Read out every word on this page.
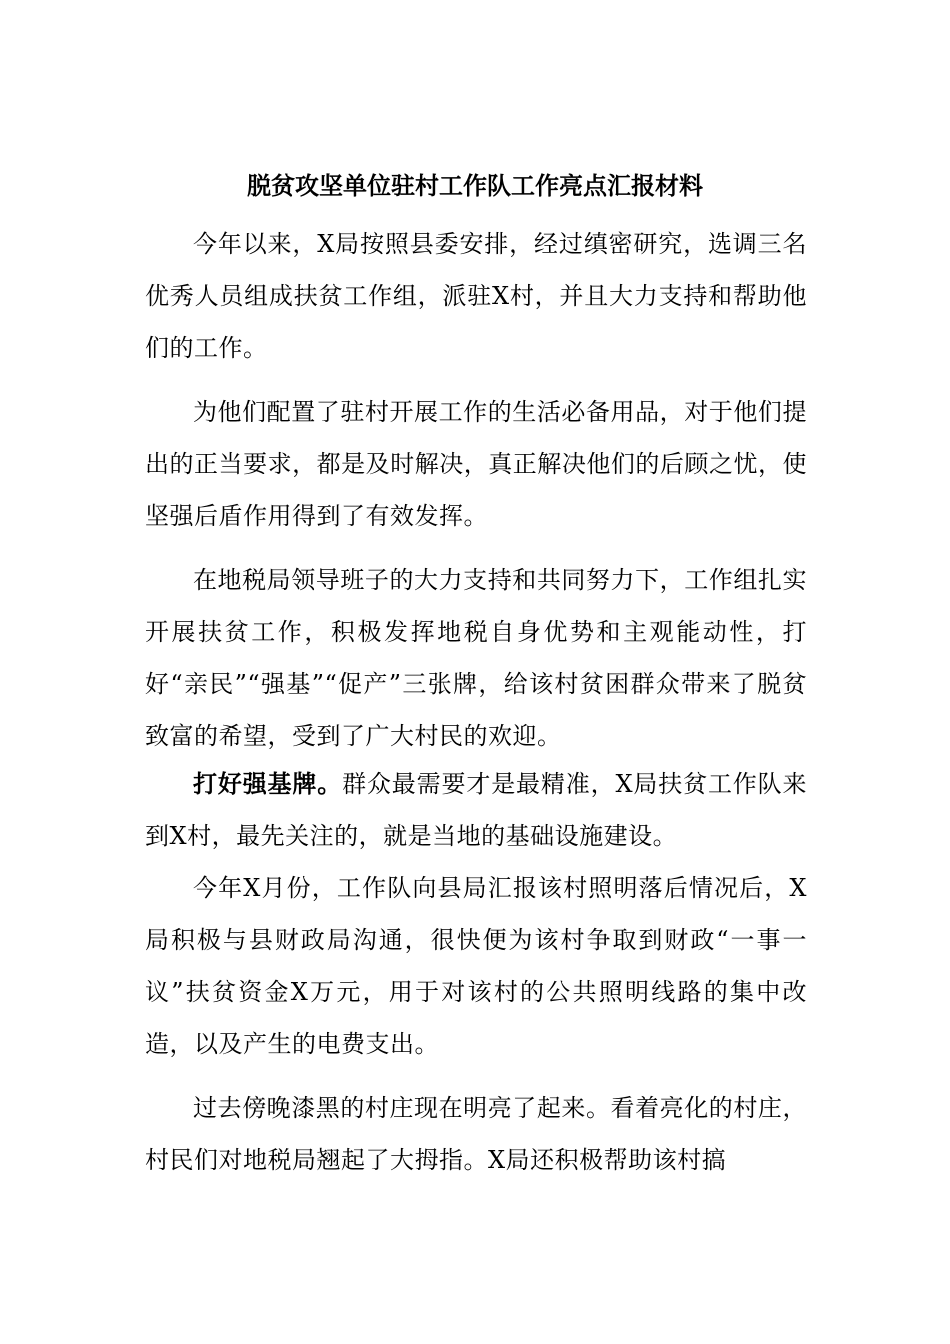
脱贫攻坚单位驻村工作队工作亮点汇报材料

今年以来，X局按照县委安排，经过缜密研究，选调三名优秀人员组成扶贫工作组，派驻X村，并且大力支持和帮助他们的工作。

为他们配置了驻村开展工作的生活必备用品，对于他们提出的正当要求，都是及时解决，真正解决他们的后顾之忧，使坚强后盾作用得到了有效发挥。

在地税局领导班子的大力支持和共同努力下，工作组扎实开展扶贫工作，积极发挥地税自身优势和主观能动性，打好“亲民”“强基”“促产”三张牌，给该村贫困群众带来了脱贫致富的希望，受到了广大村民的欢迎。

打好强基牌。群众最需要才是最精准，X局扶贫工作队来到X村，最先关注的，就是当地的基础设施建设。

今年X月份，工作队向县局汇报该村照明落后情况后，X局积极与县财政局沟通，很快便为该村争取到财政“一事一议”扶贫资金X万元，用于对该村的公共照明线路的集中改造，以及产生的电费支出。

过去傍晚漆黑的村庄现在明亮了起来。看着亮化的村庄，村民们对地税局翘起了大拇指。X局还积极帮助该村搞
